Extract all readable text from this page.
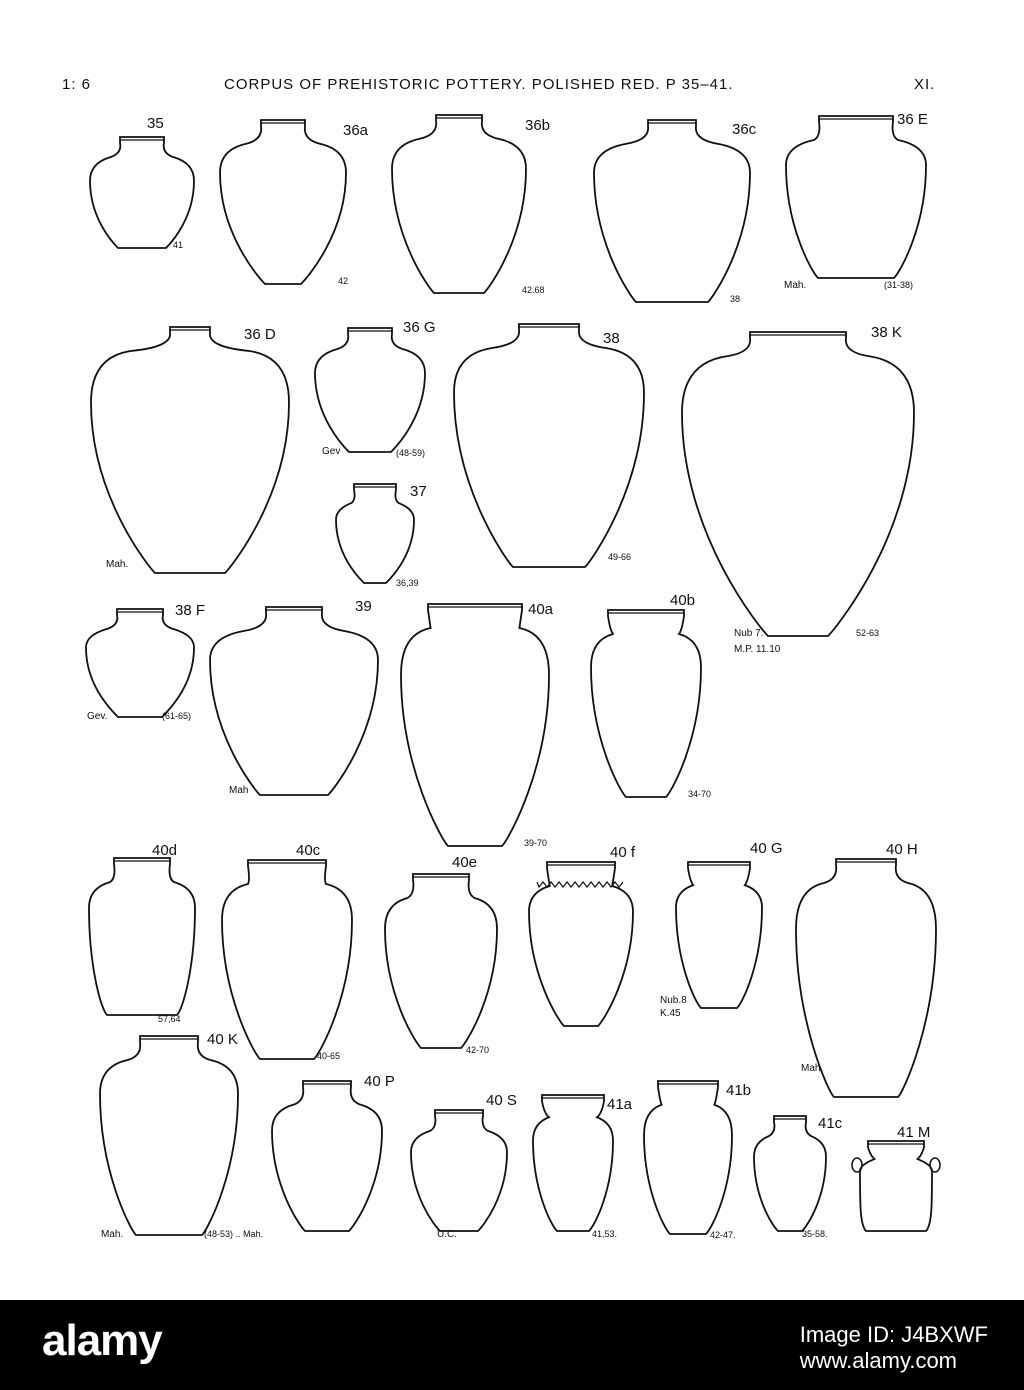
1: 6	CORPUS OF PREHISTORIC POTTERY. POLISHED RED. P 35–41.	XI.
35
41
36a
42
36b
42.68
36c
38
36 E
(31-38)
Mah.
36 D
Mah.
36 G
(48-59)
Gev
37
36,39
38
49-66
38 K
52-63
Nub 7.
M.P. 11.10
38 F
(61-65)
Gev.
39
Mah
40a
39-70
40b
34-70
40d
57,64
40c
40-65
40e
42-70
40 f	40 G
Nub.8
K.45
40 H
Mah.
40 K
(48-53) .. Mah.
Mah.
40 P
40 S
U.C.
41a
41,53.
41b
42-47.
41c
35-58.
41 M
alamy	Image ID: J4BXWF
www.alamy.com
